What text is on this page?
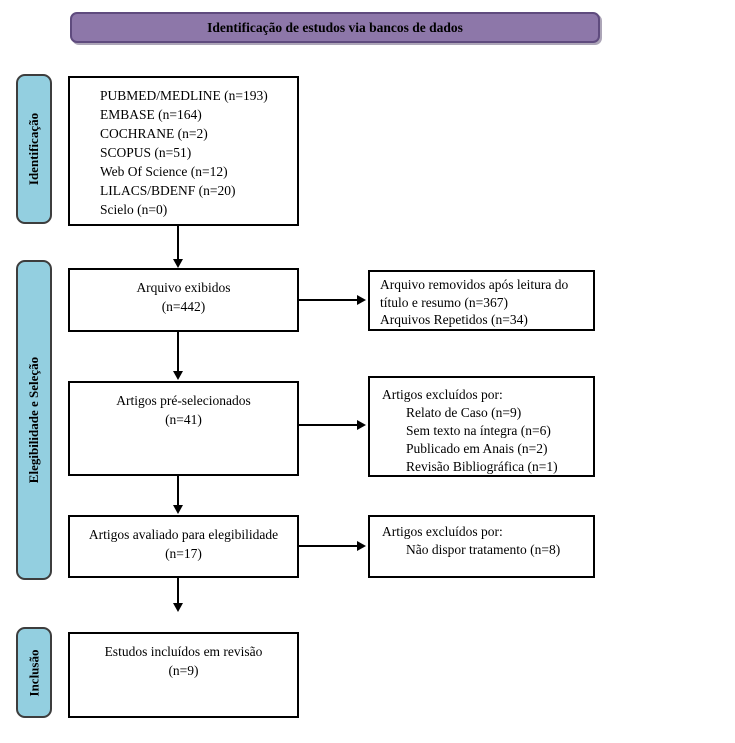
Identificação de estudos via bancos de dados
Identificação
Elegibilidade e Seleção
Inclusão
PUBMED/MEDLINE (n=193)
EMBASE (n=164)
COCHRANE (n=2)
SCOPUS (n=51)
Web Of Science (n=12)
LILACS/BDENF (n=20)
Scielo (n=0)
Arquivo exibidos
(n=442)
Arquivo removidos após leitura do
título e resumo (n=367)
Arquivos Repetidos (n=34)
Artigos pré-selecionados
(n=41)
Artigos excluídos por:
Relato de Caso (n=9)
Sem texto na íntegra (n=6)
Publicado em Anais (n=2)
Revisão Bibliográfica (n=1)
Artigos avaliado para elegibilidade
(n=17)
Artigos excluídos por:
Não dispor tratamento (n=8)
Estudos incluídos em revisão
(n=9)
